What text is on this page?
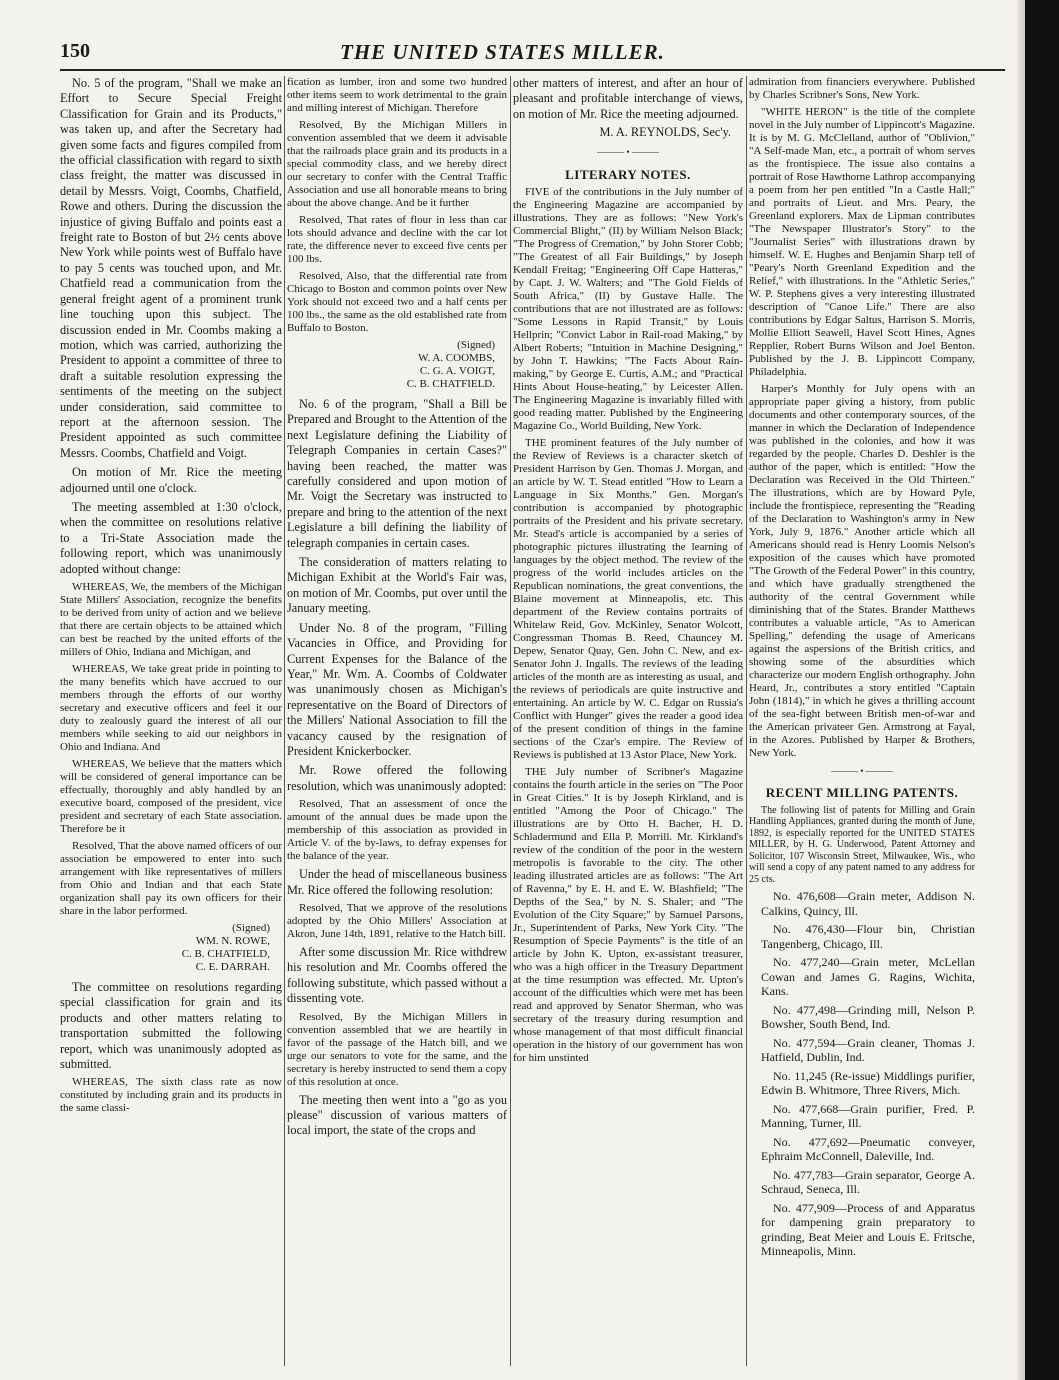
150	THE UNITED STATES MILLER.

No. 5 of the program, "Shall we make an Effort to Secure Special Freight Classification for Grain and its Products," was taken up, and after the Secretary had given some facts and figures compiled from the official classification with regard to sixth class freight, the matter was discussed in detail by Messrs. Voigt, Coombs, Chatfield, Rowe and others. During the discussion the injustice of giving Buffalo and points east a freight rate to Boston of but 2½ cents above New York while points west of Buffalo have to pay 5 cents was touched upon, and Mr. Chatfield read a communication from the general freight agent of a prominent trunk line touching upon this subject. The discussion ended in Mr. Coombs making a motion, which was carried, authorizing the President to appoint a committee of three to draft a suitable resolution expressing the sentiments of the meeting on the subject under consideration, said committee to report at the afternoon session. The President appointed as such committee Messrs. Coombs, Chatfield and Voigt.

On motion of Mr. Rice the meeting adjourned until one o'clock.

The meeting assembled at 1:30 o'clock, when the committee on resolutions relative to a Tri-State Association made the following report, which was unanimously adopted without change:

WHEREAS, We, the members of the Michigan State Millers' Association, recognize the benefits to be derived from unity of action and we believe that there are certain objects to be attained which can best be reached by the united efforts of the millers of Ohio, Indiana and Michigan, and

WHEREAS, We take great pride in pointing to the many benefits which have accrued to our members through the efforts of our worthy secretary and executive officers and feel it our duty to zealously guard the interest of all our members while seeking to aid our neighbors in Ohio and Indiana. And

WHEREAS, We believe that the matters which will be considered of general importance can be effectually, thoroughly and ably handled by an executive board, composed of the president, vice president and secretary of each State association. Therefore be it

Resolved, That the above named officers of our association be empowered to enter into such arrangement with like representatives of millers from Ohio and Indian and that each State organization shall pay its own officers for their share in the labor performed.

(Signed)
WM. N. ROWE,
C. B. CHATFIELD,
C. E. DARRAH.

The committee on resolutions regarding special classification for grain and its products and other matters relating to transportation submitted the following report, which was unanimously adopted as submitted.

WHEREAS, The sixth class rate as now constituted by including grain and its products in the same classi-

fication as lumber, iron and some two hundred other items seem to work detrimental to the grain and milling interest of Michigan. Therefore

Resolved, By the Michigan Millers in convention assembled that we deem it advisable that the railroads place grain and its products in a special commodity class, and we hereby direct our secretary to confer with the Central Traffic Association and use all honorable means to bring about the above change. And be it further

Resolved, That rates of flour in less than car lots should advance and decline with the car lot rate, the difference never to exceed five cents per 100 lbs.

Resolved, Also, that the differential rate from Chicago to Boston and common points over New York should not exceed two and a half cents per 100 lbs., the same as the old established rate from Buffalo to Boston.

(Signed)
W. A. COOMBS,
C. G. A. VOIGT,
C. B. CHATFIELD.

No. 6 of the program, "Shall a Bill be Prepared and Brought to the Attention of the next Legislature defining the Liability of Telegraph Companies in certain Cases?" having been reached, the matter was carefully considered and upon motion of Mr. Voigt the Secretary was instructed to prepare and bring to the attention of the next Legislature a bill defining the liability of telegraph companies in certain cases.

The consideration of matters relating to Michigan Exhibit at the World's Fair was, on motion of Mr. Coombs, put over until the January meeting.

Under No. 8 of the program, "Filling Vacancies in Office, and Providing for Current Expenses for the Balance of the Year," Mr. Wm. A. Coombs of Coldwater was unanimously chosen as Michigan's representative on the Board of Directors of the Millers' National Association to fill the vacancy caused by the resignation of President Knickerbocker.

Mr. Rowe offered the following resolution, which was unanimously adopted:

Resolved, That an assessment of once the amount of the annual dues be made upon the membership of this association as provided in Article V. of the by-laws, to defray expenses for the balance of the year.

Under the head of miscellaneous business Mr. Rice offered the following resolution:

Resolved, That we approve of the resolutions adopted by the Ohio Millers' Association at Akron, June 14th, 1891, relative to the Hatch bill.

After some discussion Mr. Rice withdrew his resolution and Mr. Coombs offered the following substitute, which passed without a dissenting vote.

Resolved, By the Michigan Millers in convention assembled that we are heartily in favor of the passage of the Hatch bill, and we urge our senators to vote for the same, and the secretary is hereby instructed to send them a copy of this resolution at once.

The meeting then went into a "go as you please" discussion of various matters of local import, the state of the crops and

other matters of interest, and after an hour of pleasant and profitable interchange of views, on motion of Mr. Rice the meeting adjourned.

M. A. REYNOLDS, Sec'y.
——— • ———
LITERARY NOTES.

FIVE of the contributions in the July number of the Engineering Magazine are accompanied by illustrations. They are as follows: "New York's Commercial Blight," (II) by William Nelson Black; "The Progress of Cremation," by John Storer Cobb; "The Greatest of all Fair Buildings," by Joseph Kendall Freitag; "Engineering Off Cape Hatteras," by Capt. J. W. Walters; and "The Gold Fields of South Africa," (II) by Gustave Halle. The contributions that are not illustrated are as follows: "Some Lessons in Rapid Transit," by Louis Hellprin; "Convict Labor in Rail-road Making," by Albert Roberts; "Intuition in Machine Designing," by John T. Hawkins; "The Facts About Rain-making," by George E. Curtis, A.M.; and "Practical Hints About House-heating," by Leicester Allen. The Engineering Magazine is invariably filled with good reading matter. Published by the Engineering Magazine Co., World Building, New York.

THE prominent features of the July number of the Review of Reviews is a character sketch of President Harrison by Gen. Thomas J. Morgan, and an article by W. T. Stead entitled "How to Learn a Language in Six Months." Gen. Morgan's contribution is accompanied by photographic portraits of the President and his private secretary. Mr. Stead's article is accompanied by a series of photographic pictures illustrating the learning of languages by the object method. The review of the progress of the world includes articles on the Republican nominations, the great conventions, the Blaine movement at Minneapolis, etc. This department of the Review contains portraits of Whitelaw Reid, Gov. McKinley, Senator Wolcott, Congressman Thomas B. Reed, Chauncey M. Depew, Senator Quay, Gen. John C. New, and ex-Senator John J. Ingalls. The reviews of the leading articles of the month are as interesting as usual, and the reviews of periodicals are quite instructive and entertaining. An article by W. C. Edgar on Russia's Conflict with Hunger" gives the reader a good idea of the present condition of things in the famine sections of the Czar's empire. The Review of Reviews is published at 13 Astor Place, New York.

THE July number of Scribner's Magazine contains the fourth article in the series on "The Poor in Great Cities." It is by Joseph Kirkland, and is entitled "Among the Poor of Chicago." The illustrations are by Otto H. Bacher, H. D. Schladermund and Ella P. Morrill. Mr. Kirkland's review of the condition of the poor in the western metropolis is favorable to the city. The other leading illustrated articles are as follows: "The Art of Ravenna," by E. H. and E. W. Blashfield; "The Depths of the Sea," by N. S. Shaler; and "The Evolution of the City Square;" by Samuel Parsons, Jr., Superintendent of Parks, New York City. "The Resumption of Specie Payments" is the title of an article by John K. Upton, ex-assistant treasurer, who was a high officer in the Treasury Department at the time resumption was effected. Mr. Upton's account of the difficulties which were met has been read and approved by Senator Sherman, who was secretary of the treasury during resumption and whose management of that most difficult financial operation in the history of our government has won for him unstinted

admiration from financiers everywhere. Published by Charles Scribner's Sons, New York.

"WHITE HERON" is the title of the complete novel in the July number of Lippincott's Magazine. It is by M. G. McClelland, author of "Oblivion," "A Self-made Man, etc., a portrait of whom serves as the frontispiece. The issue also contains a portrait of Rose Hawthorne Lathrop accompanying a poem from her pen entitled "In a Castle Hall;" and portraits of Lieut. and Mrs. Peary, the Greenland explorers. Max de Lipman contributes "The Newspaper Illustrator's Story" to the "Journalist Series" with illustrations drawn by himself. W. E. Hughes and Benjamin Sharp tell of "Peary's North Greenland Expedition and the Relief," with illustrations. In the "Athletic Series," W. P. Stephens gives a very interesting illustrated description of "Canoe Life." There are also contributions by Edgar Saltus, Harrison S. Morris, Mollie Elliott Seawell, Havel Scott Hines, Agnes Repplier, Robert Burns Wilson and Joel Benton. Published by the J. B. Lippincott Company, Philadelphia.

Harper's Monthly for July opens with an appropriate paper giving a history, from public documents and other contemporary sources, of the manner in which the Declaration of Independence was published in the colonies, and how it was regarded by the people. Charles D. Deshler is the author of the paper, which is entitled: "How the Declaration was Received in the Old Thirteen." The illustrations, which are by Howard Pyle, include the frontispiece, representing the "Reading of the Declaration to Washington's army in New York, July 9, 1876." Another article which all Americans should read is Henry Loomis Nelson's exposition of the causes which have promoted "The Growth of the Federal Power" in this country, and which have gradually strengthened the authority of the central Government while diminishing that of the States. Brander Matthews contributes a valuable article, "As to American Spelling," defending the usage of Americans against the aspersions of the British critics, and showing some of the absurdities which characterize our modern English orthography. John Heard, Jr., contributes a story entitled "Captain John (1814)," in which he gives a thrilling account of the sea-fight between British men-of-war and the American privateer Gen. Armstrong at Fayal, in the Azores. Published by Harper & Brothers, New York.

——— • ———
RECENT MILLING PATENTS.

The following list of patents for Milling and Grain Handling Appliances, granted during the month of June, 1892, is especially reported for the UNITED STATES MILLER, by H. G. Underwood, Patent Attorney and Solicitor, 107 Wisconsin Street, Milwaukee, Wis., who will send a copy of any patent named to any address for 25 cts.

No. 476,608—Grain meter, Addison N. Calkins, Quincy, Ill.

No. 476,430—Flour bin, Christian Tangenberg, Chicago, Ill.

No. 477,240—Grain meter, McLellan Cowan and James G. Ragins, Wichita, Kans.

No. 477,498—Grinding mill, Nelson P. Bowsher, South Bend, Ind.

No. 477,594—Grain cleaner, Thomas J. Hatfield, Dublin, Ind.

No. 11,245 (Re-issue) Middlings purifier, Edwin B. Whitmore, Three Rivers, Mich.

No. 477,668—Grain purifier, Fred. P. Manning, Turner, Ill.

No. 477,692—Pneumatic conveyer, Ephraim McConnell, Daleville, Ind.

No. 477,783—Grain separator, George A. Schraud, Seneca, Ill.

No. 477,909—Process of and Apparatus for dampening grain preparatory to grinding, Beat Meier and Louis E. Fritsche, Minneapolis, Minn.
